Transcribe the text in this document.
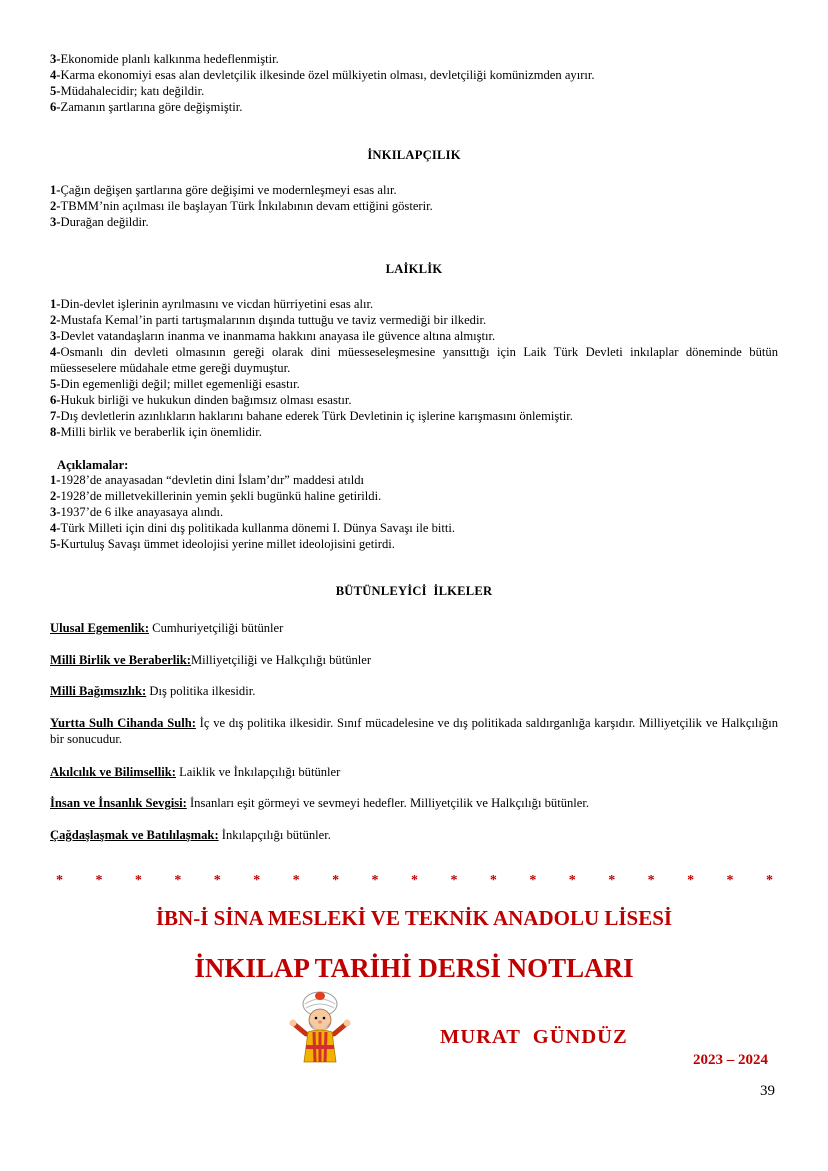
3-Ekonomide planlı kalkınma hedeflenmiştir.
4-Karma ekonomiyi esas alan devletçilik ilkesinde özel mülkiyetin olması, devletçiliği komünizmden ayırır.
5-Müdahalecidir; katı değildir.
6-Zamanın şartlarına göre değişmiştir.
İNKILAPÇILIK
1-Çağın değişen şartlarına göre değişimi ve modernleşmeyi esas alır.
2-TBMM’nin açılması ile başlayan Türk İnkılabının devam ettiğini gösterir.
3-Durağan değildir.
LAİKLİK
1-Din-devlet işlerinin ayrılmasını ve vicdan hürriyetini esas alır.
2-Mustafa Kemal’in parti tartışmalarının dışında tuttuğu ve taviz vermediği bir ilkedir.
3-Devlet vatandaşların inanma ve inanmama hakkını anayasa ile güvence altına almıştır.
4-Osmanlı din devleti olmasının gereği olarak dini müesseseleşmesine yansıttığı için Laik Türk Devleti inkılaplar döneminde bütün müesseselere müdahale etme gereği duymuştur.
5-Din egemenliği değil; millet egemenliği esastır.
6-Hukuk birliği ve hukukun dinden bağımsız olması esastır.
7-Dış devletlerin azınlıkların haklarını bahane ederek Türk Devletinin iç işlerine karışmasını önlemiştir.
8-Milli birlik ve beraberlik için önemlidir.
Açıklamalar:
1-1928’de anayasadan “devletin dini İslam’dır” maddesi atıldı
2-1928’de milletvekillerinin yemin şekli bugünkü haline getirildi.
3-1937’de 6 ilke anayasaya alındı.
4-Türk Milleti için dini dış politikada kullanma dönemi I. Dünya Savaşı ile bitti.
5-Kurtuluş Savaşı ümmet ideolojisi yerine millet ideolojisini getirdi.
BÜTÜNLEYİCİ  İLKELER
Ulusal Egemenlik: Cumhuriyetçiliği bütünler
Milli Birlik ve Beraberlik:Milliyetçiliği ve Halkçılığı bütünler
Milli Bağımsızlık: Dış politika ilkesidir.
Yurtta Sulh Cihanda Sulh: İç ve dış politika ilkesidir. Sınıf mücadelesine ve dış politikada saldırganlığa karşıdır. Milliyetçilik ve Halkçılığın bir sonucudur.
Akılcılık ve Bilimsellik: Laiklik ve İnkılapçılığı bütünler
İnsan ve İnsanlık Sevgisi: İnsanları eşit görmeyi ve sevmeyi hedefler. Milliyetçilik ve Halkçılığı bütünler.
Çağdaşlaşmak ve Batılılaşmak: İnkılapçılığı bütünler.
* * * * * * * * * * * * * * * * * * *
İBN-İ SİNA MESLEKİ VE TEKNİK ANADOLU LİSESİ
İNKILAP TARİHİ DERSİ NOTLARI
MURAT  GÜNDÜZ
2023 – 2024
39
